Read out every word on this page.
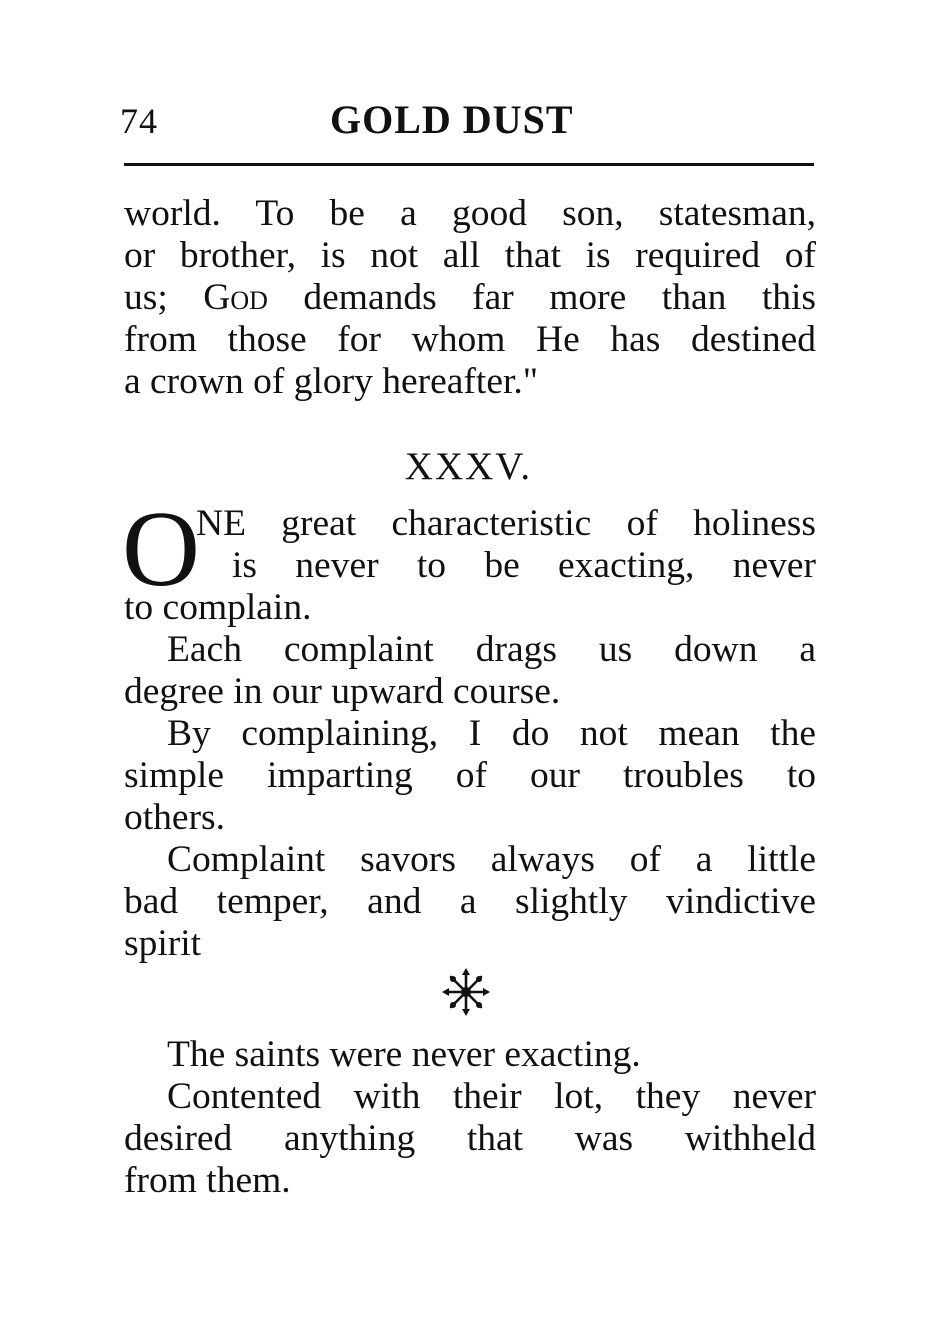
74	GOLD DUST
world. To be a good son, statesman,
or brother, is not all that is required of
us; God demands far more than this
from those for whom He has destined
a crown of glory hereafter."
XXXV.
O
NE great characteristic of holiness
is never to be exacting, never
to complain.
Each complaint drags us down a
degree in our upward course.
By complaining, I do not mean the
simple imparting of our troubles to
others.
Complaint savors always of a little
bad temper, and a slightly vindictive
spirit
The saints were never exacting.
Contented with their lot, they never
desired anything that was withheld
from them.
